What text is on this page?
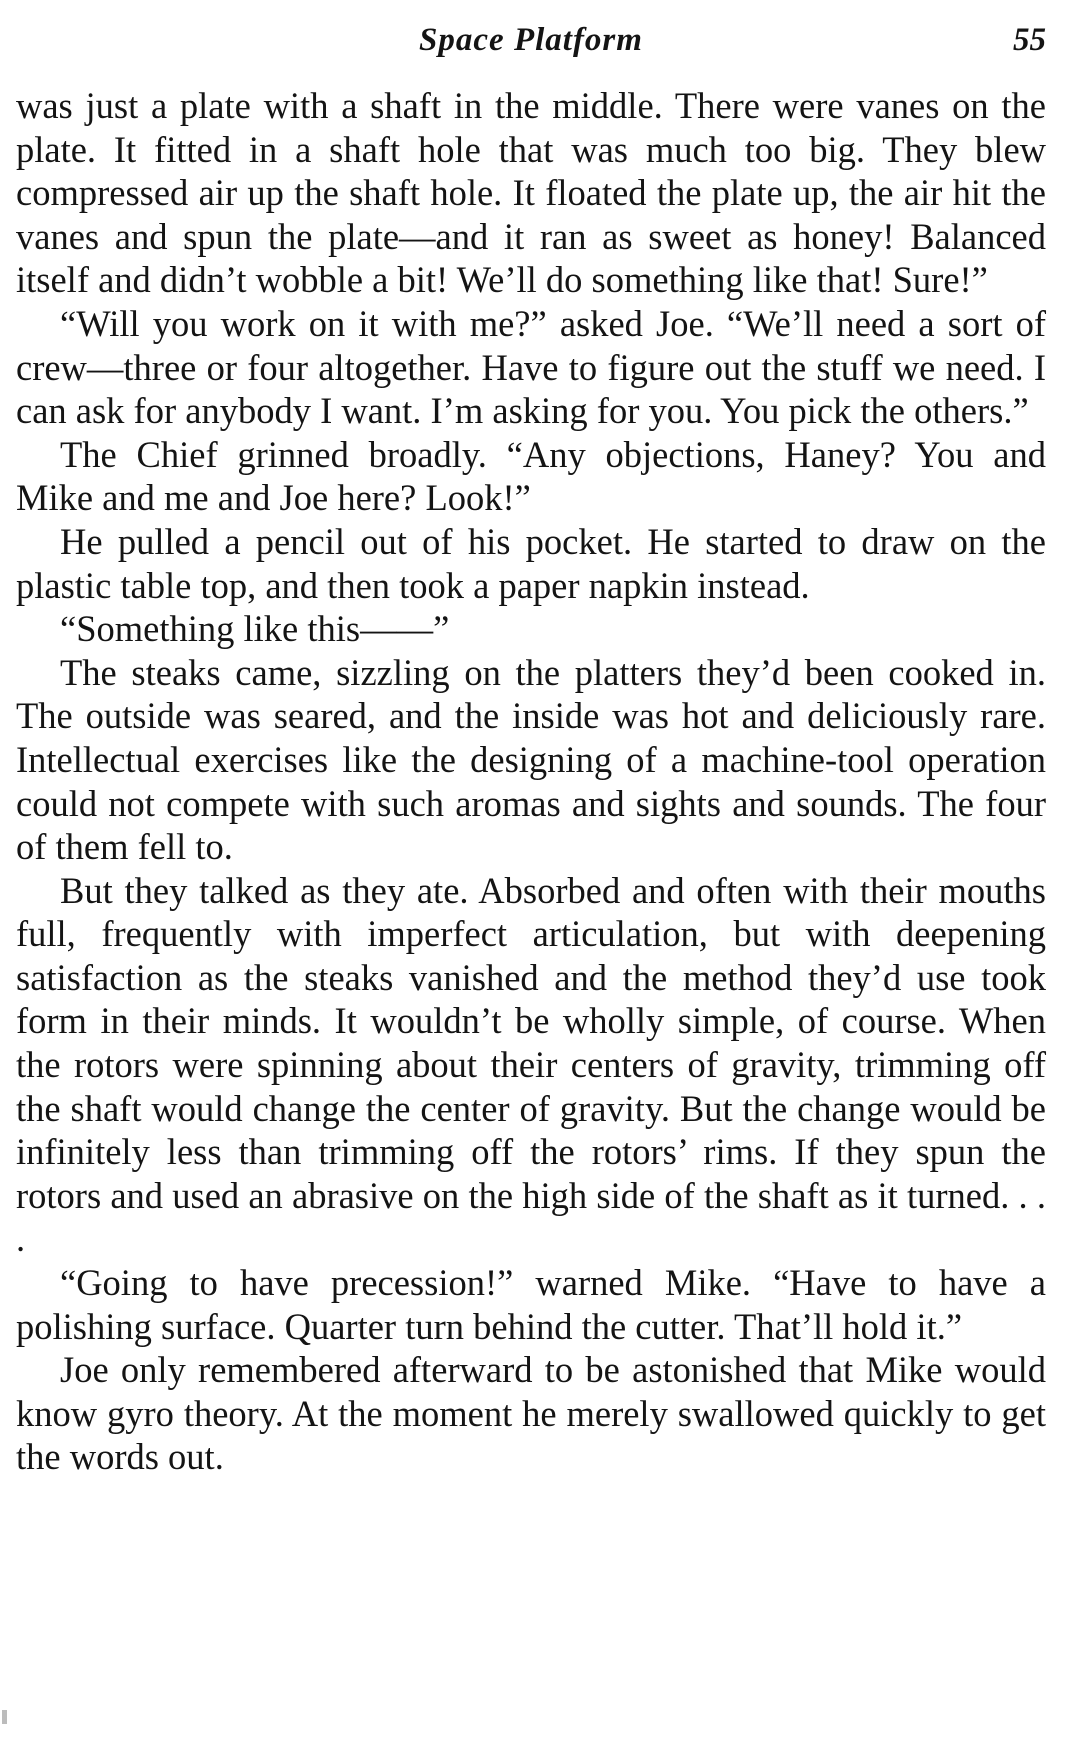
Space Platform	55

was just a plate with a shaft in the middle. There were vanes on the plate. It fitted in a shaft hole that was much too big. They blew compressed air up the shaft hole. It floated the plate up, the air hit the vanes and spun the plate—and it ran as sweet as honey! Balanced itself and didn’t wobble a bit! We’ll do something like that! Sure!”

“Will you work on it with me?” asked Joe. “We’ll need a sort of crew—three or four altogether. Have to figure out the stuff we need. I can ask for anybody I want. I’m asking for you. You pick the others.”

The Chief grinned broadly. “Any objections, Haney? You and Mike and me and Joe here? Look!”

He pulled a pencil out of his pocket. He started to draw on the plastic table top, and then took a paper napkin instead.

“Something like this——”

The steaks came, sizzling on the platters they’d been cooked in. The outside was seared, and the inside was hot and deliciously rare. Intellectual exercises like the designing of a machine-tool operation could not compete with such aromas and sights and sounds. The four of them fell to.

But they talked as they ate. Absorbed and often with their mouths full, frequently with imperfect articulation, but with deepening satisfaction as the steaks vanished and the method they’d use took form in their minds. It wouldn’t be wholly simple, of course. When the rotors were spinning about their centers of gravity, trimming off the shaft would change the center of gravity. But the change would be infinitely less than trimming off the rotors’ rims. If they spun the rotors and used an abrasive on the high side of the shaft as it turned. . . .

“Going to have precession!” warned Mike. “Have to have a polishing surface. Quarter turn behind the cutter. That’ll hold it.”

Joe only remembered afterward to be astonished that Mike would know gyro theory. At the moment he merely swallowed quickly to get the words out.
